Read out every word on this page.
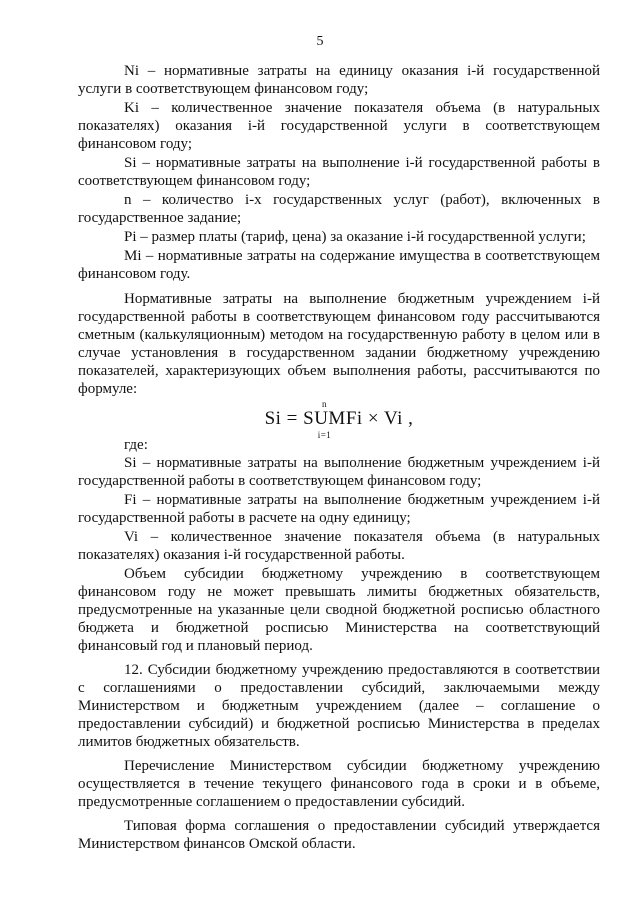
5

Ni – нормативные затраты на единицу оказания i-й государственной услуги в соответствующем финансовом году;

Ki – количественное значение показателя объема (в натуральных показателях) оказания i-й государственной услуги в соответствующем финансовом году;

Si – нормативные затраты на выполнение i-й государственной работы в соответствующем финансовом году;

n – количество i-х государственных услуг (работ), включенных в государственное задание;

Pi – размер платы (тариф, цена) за оказание i-й государственной услуги;

Mi – нормативные затраты на содержание имущества в соответствующем финансовом году.

Нормативные затраты на выполнение бюджетным учреждением i-й государственной работы в соответствующем финансовом году рассчитываются сметным (калькуляционным) методом на государственную работу в целом или в случае установления в государственном задании бюджетному учреждению показателей, характеризующих объем выполнения работы, рассчитываются по формуле:

Si =
n
SUM
i=1
Fi × Vi ,

где:

Si – нормативные затраты на выполнение бюджетным учреждением i-й государственной работы в соответствующем финансовом году;

Fi – нормативные затраты на выполнение бюджетным учреждением i-й государственной работы в расчете на одну единицу;

Vi – количественное значение показателя объема (в натуральных показателях) оказания i-й государственной работы.

Объем субсидии бюджетному учреждению в соответствующем финансовом году не может превышать лимиты бюджетных обязательств, предусмотренные на указанные цели сводной бюджетной росписью областного бюджета и бюджетной росписью Министерства на соответствующий финансовый год и плановый период.

12. Субсидии бюджетному учреждению предоставляются в соответствии с соглашениями о предоставлении субсидий, заключаемыми между Министерством и бюджетным учреждением (далее – соглашение о предоставлении субсидий) и бюджетной росписью Министерства в пределах лимитов бюджетных обязательств.

Перечисление Министерством субсидии бюджетному учреждению осуществляется в течение текущего финансового года в сроки и в объеме, предусмотренные соглашением о предоставлении субсидий.

Типовая форма соглашения о предоставлении субсидий утверждается Министерством финансов Омской области.
